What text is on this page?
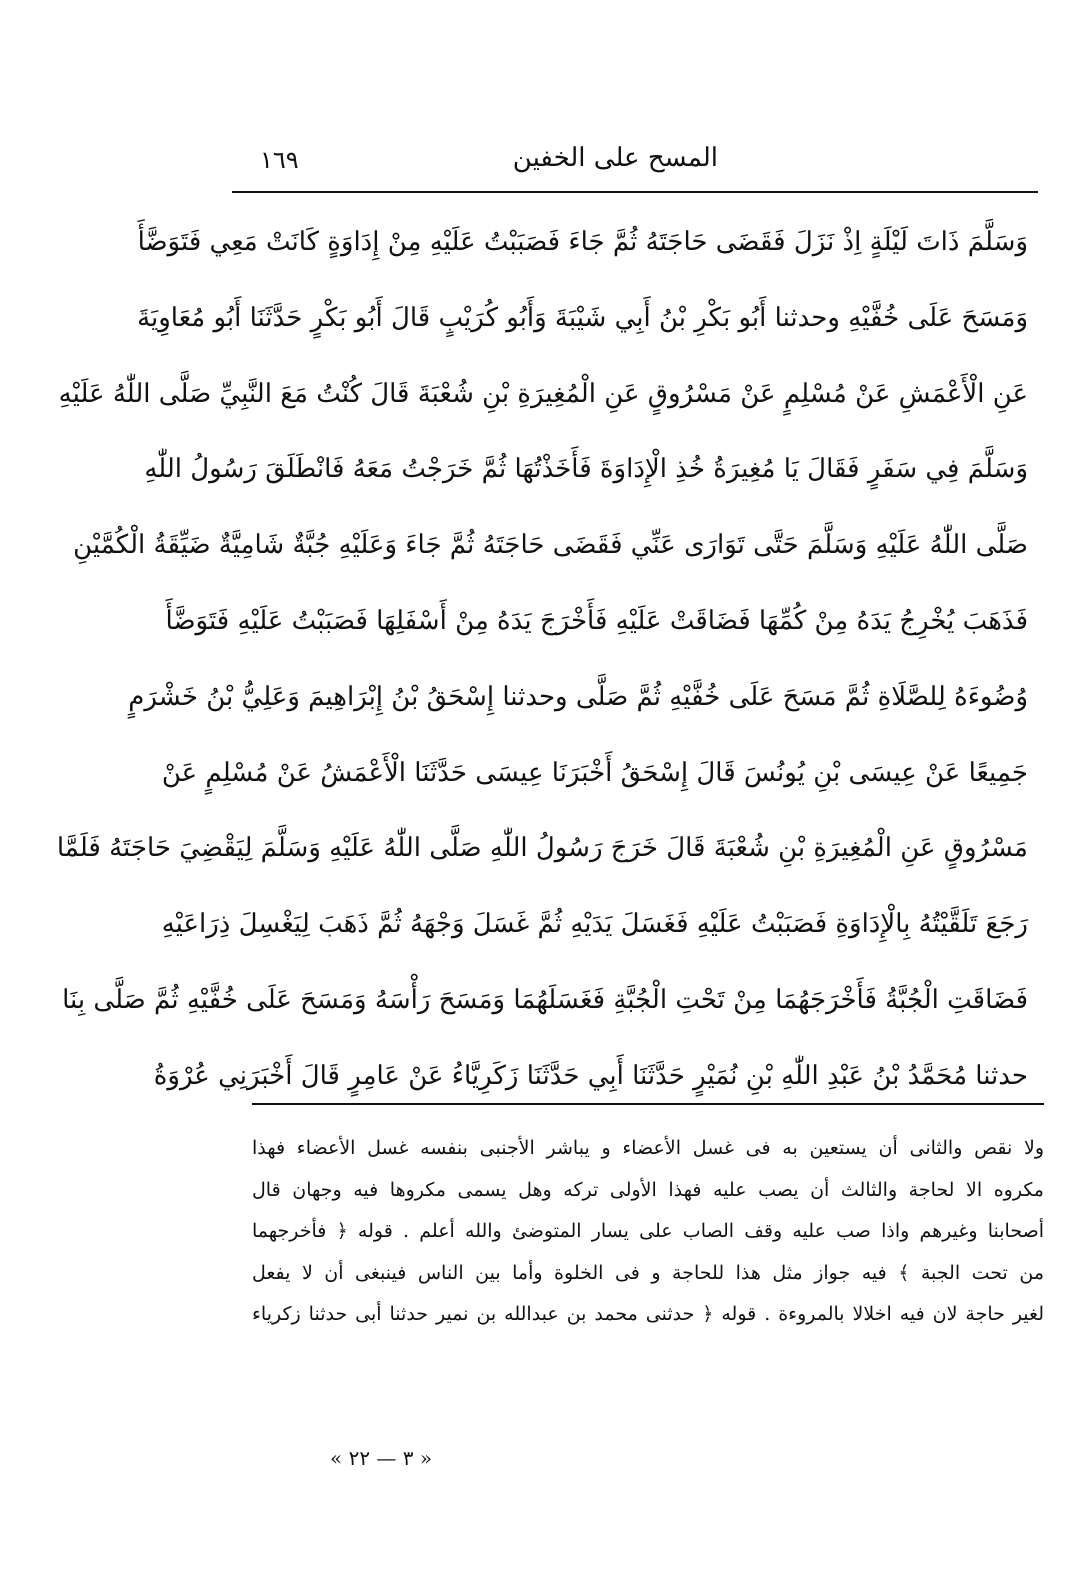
المسح على الخفين
١٦٩
وَسَلَّمَ ذَاتَ لَيْلَةٍ اِذْ نَزَلَ فَقَضَى حَاجَتَهُ ثُمَّ جَاءَ فَصَبَبْتُ عَلَيْهِ مِنْ إِدَاوَةٍ كَانَتْ مَعِي فَتَوَضَّأَ
وَمَسَحَ عَلَى خُفَّيْهِ وحدثنا أَبُو بَكْرِ بْنُ أَبِي شَيْبَةَ وَأَبُو كُرَيْبٍ قَالَ أَبُو بَكْرٍ حَدَّثَنَا أَبُو مُعَاوِيَةَ
عَنِ الْأَعْمَشِ عَنْ مُسْلِمٍ عَنْ مَسْرُوقٍ عَنِ الْمُغِيرَةِ بْنِ شُعْبَةَ قَالَ كُنْتُ مَعَ النَّبِيِّ صَلَّى اللّٰهُ عَلَيْهِ
وَسَلَّمَ فِي سَفَرٍ فَقَالَ يَا مُغِيرَةُ خُذِ الْإِدَاوَةَ فَأَخَذْتُهَا ثُمَّ خَرَجْتُ مَعَهُ فَانْطَلَقَ رَسُولُ اللّٰهِ
صَلَّى اللّٰهُ عَلَيْهِ وَسَلَّمَ حَتَّى تَوَارَى عَنِّي فَقَضَى حَاجَتَهُ ثُمَّ جَاءَ وَعَلَيْهِ جُبَّةٌ شَامِيَّةٌ ضَيِّقَةُ الْكُمَّيْنِ
فَذَهَبَ يُخْرِجُ يَدَهُ مِنْ كُمِّهَا فَضَاقَتْ عَلَيْهِ فَأَخْرَجَ يَدَهُ مِنْ أَسْفَلِهَا فَصَبَبْتُ عَلَيْهِ فَتَوَضَّأَ
وُضُوءَهُ لِلصَّلَاةِ ثُمَّ مَسَحَ عَلَى خُفَّيْهِ ثُمَّ صَلَّى وحدثنا إِسْحَقُ بْنُ إِبْرَاهِيمَ وَعَلِيُّ بْنُ خَشْرَمٍ
جَمِيعًا عَنْ عِيسَى بْنِ يُونُسَ قَالَ إِسْحَقُ أَخْبَرَنَا عِيسَى حَدَّثَنَا الْأَعْمَشُ عَنْ مُسْلِمٍ عَنْ
مَسْرُوقٍ عَنِ الْمُغِيرَةِ بْنِ شُعْبَةَ قَالَ خَرَجَ رَسُولُ اللّٰهِ صَلَّى اللّٰهُ عَلَيْهِ وَسَلَّمَ لِيَقْضِيَ حَاجَتَهُ فَلَمَّا
رَجَعَ تَلَقَّيْتُهُ بِالْإِدَاوَةِ فَصَبَبْتُ عَلَيْهِ فَغَسَلَ يَدَيْهِ ثُمَّ غَسَلَ وَجْهَهُ ثُمَّ ذَهَبَ لِيَغْسِلَ ذِرَاعَيْهِ
فَضَاقَتِ الْجُبَّةُ فَأَخْرَجَهُمَا مِنْ تَحْتِ الْجُبَّةِ فَغَسَلَهُمَا وَمَسَحَ رَأْسَهُ وَمَسَحَ عَلَى خُفَّيْهِ ثُمَّ صَلَّى بِنَا
حدثنا مُحَمَّدُ بْنُ عَبْدِ اللّٰهِ بْنِ نُمَيْرٍ حَدَّثَنَا أَبِي حَدَّثَنَا زَكَرِيَّاءُ عَنْ عَامِرٍ قَالَ أَخْبَرَنِي عُرْوَةُ
ولا نقص والثانى أن يستعين به فى غسل الأعضاء و يباشر الأجنبى بنفسه غسل الأعضاء فهذا
مكروه الا لحاجة والثالث أن يصب عليه فهذا الأولى تركه وهل يسمى مكروها فيه وجهان قال
أصحابنا وغيرهم واذا صب عليه وقف الصاب على يسار المتوضئ والله أعلم . قوله ﴿ فأخرجهما
من تحت الجبة ﴾ فيه جواز مثل هذا للحاجة و فى الخلوة وأما بين الناس فينبغى أن لا يفعل
لغير حاجة لان فيه اخلالا بالمروءة . قوله ﴿ حدثنى محمد بن عبدالله بن نمير حدثنا أبى حدثنا زكرياء
« ٣ — ٢٢ »
